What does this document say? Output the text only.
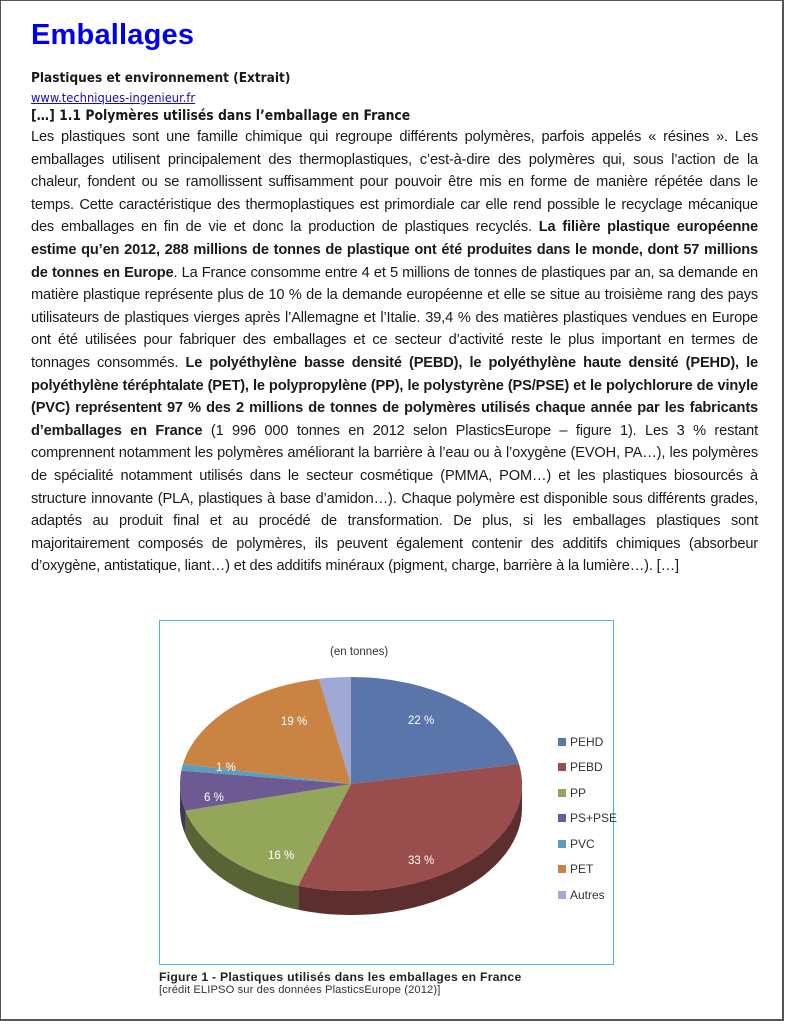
Emballages

Plastiques et environnement (Extrait)

www.techniques-ingenieur.fr

[…] 1.1 Polymères utilisés dans l’emballage en France

Les plastiques sont une famille chimique qui regroupe différents polymères, parfois appelés « résines ». Les emballages utilisent principalement des thermoplastiques, c’est-à-dire des polymères qui, sous l’action de la chaleur, fondent ou se ramollissent suffisamment pour pouvoir être mis en forme de manière répétée dans le temps. Cette caractéristique des thermoplastiques est primordiale car elle rend possible le recyclage mécanique des emballages en fin de vie et donc la production de plastiques recyclés. La filière plastique européenne estime qu’en 2012, 288 millions de tonnes de plastique ont été produites dans le monde, dont 57 millions de tonnes en Europe. La France consomme entre 4 et 5 millions de tonnes de plastiques par an, sa demande en matière plastique représente plus de 10 % de la demande européenne et elle se situe au troisième rang des pays utilisateurs de plastiques vierges après l’Allemagne et l’Italie. 39,4 % des matières plastiques vendues en Europe ont été utilisées pour fabriquer des emballages et ce secteur d’activité reste le plus important en termes de tonnages consommés. Le polyéthylène basse densité (PEBD), le polyéthylène haute densité (PEHD), le polyéthylène téréphtalate (PET), le polypropylène (PP), le polystyrène (PS/PSE) et le polychlorure de vinyle (PVC) représentent 97 % des 2 millions de tonnes de polymères utilisés chaque année par les fabricants d’emballages en France (1 996 000 tonnes en 2012 selon PlasticsEurope – figure 1). Les 3 % restant comprennent notamment les polymères améliorant la barrière à l’eau ou à l’oxygène (EVOH, PA…), les polymères de spécialité notamment utilisés dans le secteur cosmétique (PMMA, POM…) et les plastiques biosourcés à structure innovante (PLA, plastiques à base d’amidon…). Chaque polymère est disponible sous différents grades, adaptés au produit final et au procédé de transformation. De plus, si les emballages plastiques sont majoritairement composés de polymères, ils peuvent également contenir des additifs chimiques (absorbeur d’oxygène, antistatique, liant…) et des additifs minéraux (pigment, charge, barrière à la lumière…). […]

(en tonnes)
22 %
33 %
16 %
6 %
1 %
19 %
3 %
PEHD
PEBD
PP
PS+PSE
PVC
PET
Autres
Figure 1 - Plastiques utilisés dans les emballages en France
[crédit ELIPSO sur des données PlasticsEurope (2012)]
